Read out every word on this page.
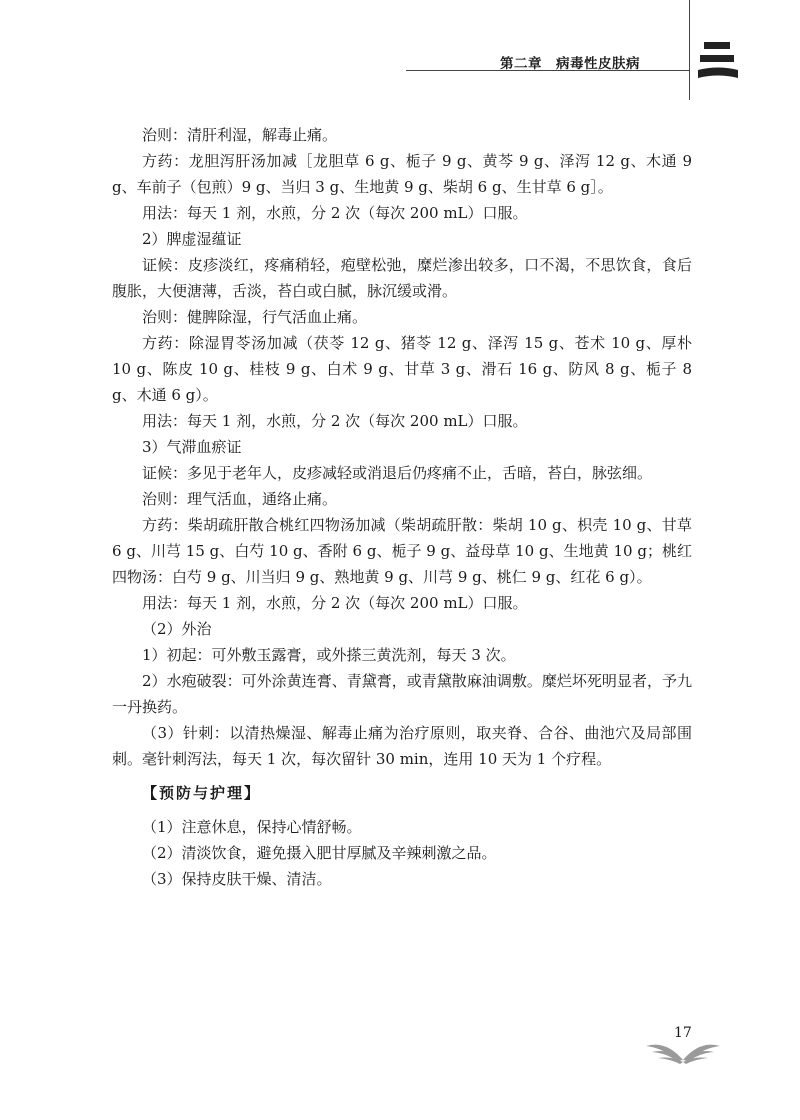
第二章 病毒性皮肤病

治则：清肝利湿，解毒止痛。

方药：龙胆泻肝汤加减［龙胆草 6 g、栀子 9 g、黄芩 9 g、泽泻 12 g、木通 9 g、车前子（包煎）9 g、当归 3 g、生地黄 9 g、柴胡 6 g、生甘草 6 g］。

用法：每天 1 剂，水煎，分 2 次（每次 200 mL）口服。

2）脾虚湿蕴证

证候：皮疹淡红，疼痛稍轻，疱壁松弛，糜烂渗出较多，口不渴，不思饮食，食后腹胀，大便溏薄，舌淡，苔白或白腻，脉沉缓或滑。

治则：健脾除湿，行气活血止痛。

方药：除湿胃苓汤加减（茯苓 12 g、猪苓 12 g、泽泻 15 g、苍术 10 g、厚朴 10 g、陈皮 10 g、桂枝 9 g、白术 9 g、甘草 3 g、滑石 16 g、防风 8 g、栀子 8 g、木通 6 g）。

用法：每天 1 剂，水煎，分 2 次（每次 200 mL）口服。

3）气滞血瘀证

证候：多见于老年人，皮疹减轻或消退后仍疼痛不止，舌暗，苔白，脉弦细。

治则：理气活血，通络止痛。

方药：柴胡疏肝散合桃红四物汤加减（柴胡疏肝散：柴胡 10 g、枳壳 10 g、甘草 6 g、川芎 15 g、白芍 10 g、香附 6 g、栀子 9 g、益母草 10 g、生地黄 10 g；桃红四物汤：白芍 9 g、川当归 9 g、熟地黄 9 g、川芎 9 g、桃仁 9 g、红花 6 g）。

用法：每天 1 剂，水煎，分 2 次（每次 200 mL）口服。

（2）外治

1）初起：可外敷玉露膏，或外搽三黄洗剂，每天 3 次。

2）水疱破裂：可外涂黄连膏、青黛膏，或青黛散麻油调敷。糜烂坏死明显者，予九一丹换药。

（3）针刺：以清热燥湿、解毒止痛为治疗原则，取夹脊、合谷、曲池穴及局部围刺。毫针刺泻法，每天 1 次，每次留针 30 min，连用 10 天为 1 个疗程。

【预防与护理】

（1）注意休息，保持心情舒畅。

（2）清淡饮食，避免摄入肥甘厚腻及辛辣刺激之品。

（3）保持皮肤干燥、清洁。

17
